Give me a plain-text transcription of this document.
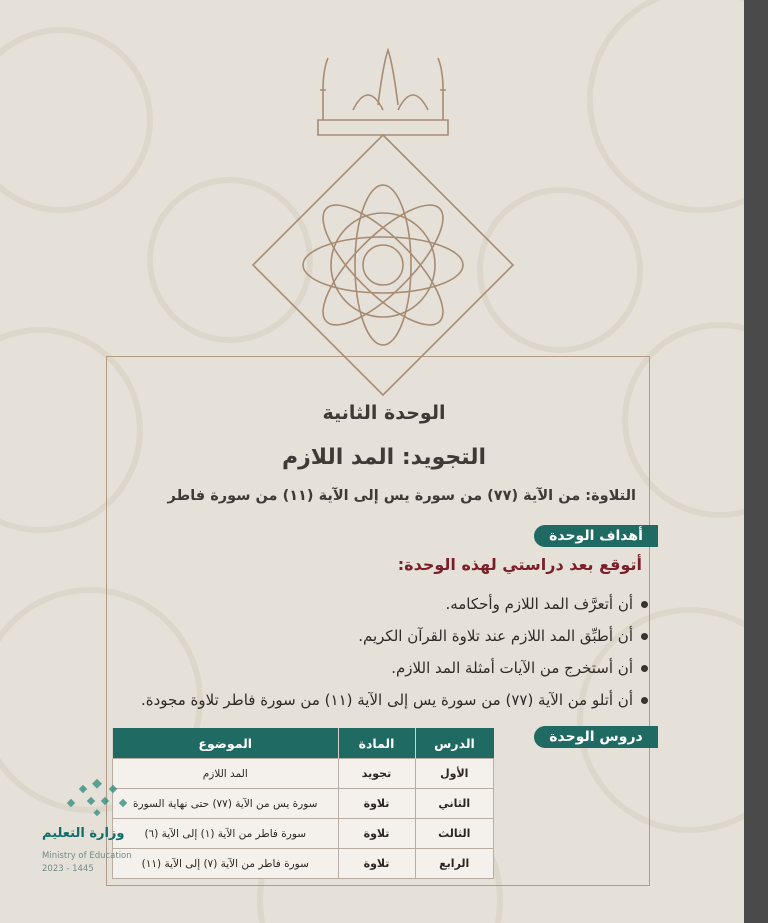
الوحدة الثانية
التجويد: المد اللازم
التلاوة: من الآية (٧٧) من سورة يس إلى الآية (١١) من سورة فاطر
أهداف الوحدة
أتوقع بعد دراستي لهذه الوحدة:
أن أتعرَّف المد اللازم وأحكامه.
أن أطبِّق المد اللازم عند تلاوة القرآن الكريم.
أن أستخرج من الآيات أمثلة المد اللازم.
أن أتلو من الآية (٧٧) من سورة يس إلى الآية (١١) من سورة فاطر تلاوة مجودة.
دروس الوحدة
الدرس	المادة	الموضوع
الأول	تجويد	المد اللازم
الثاني	تلاوة	سورة يس من الآية (٧٧) حتى نهاية السورة
الثالث	تلاوة	سورة فاطر من الآية (١) إلى الآية (٦)
الرابع	تلاوة	سورة فاطر من الآية (٧) إلى الآية (١١)
وزارة التعليم
Ministry of Education
2023 - 1445
